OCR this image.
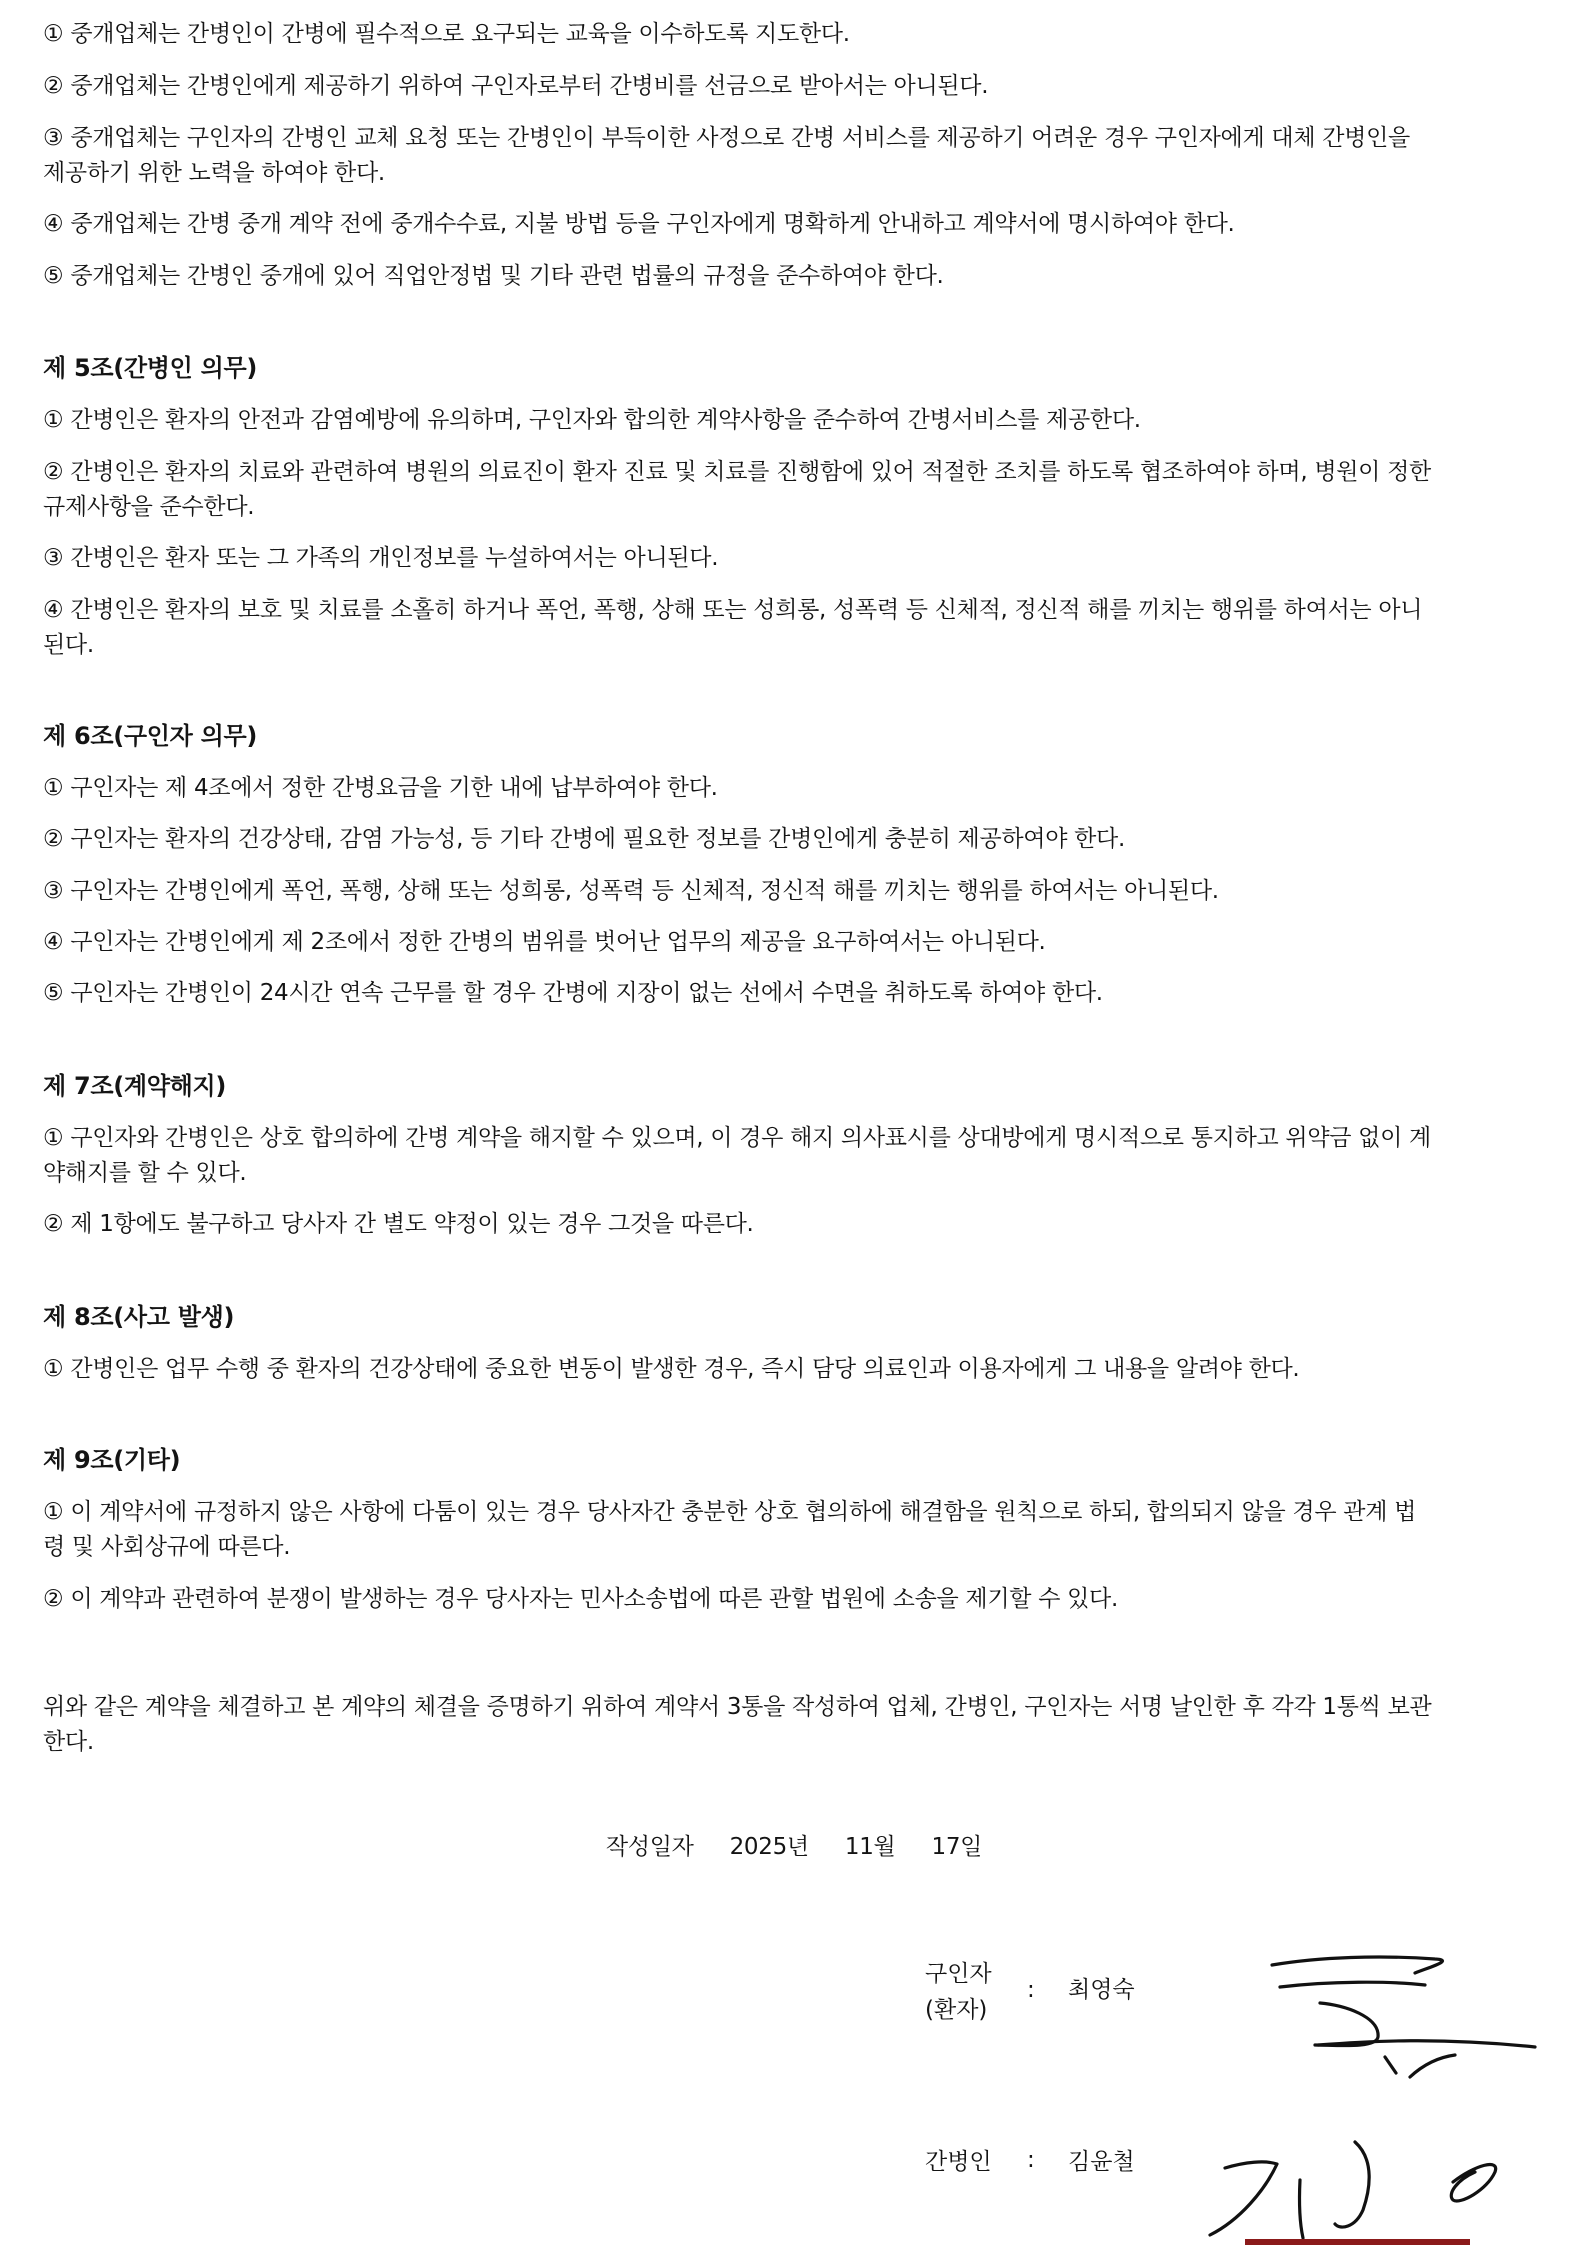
① 중개업체는 간병인이 간병에 필수적으로 요구되는 교육을 이수하도록 지도한다.

② 중개업체는 간병인에게 제공하기 위하여 구인자로부터 간병비를 선금으로 받아서는 아니된다.

③ 중개업체는 구인자의 간병인 교체 요청 또는 간병인이 부득이한 사정으로 간병 서비스를 제공하기 어려운 경우 구인자에게 대체 간병인을

제공하기 위한 노력을 하여야 한다.

④ 중개업체는 간병 중개 계약 전에 중개수수료, 지불 방법 등을 구인자에게 명확하게 안내하고 계약서에 명시하여야 한다.

⑤ 중개업체는 간병인 중개에 있어 직업안정법 및 기타 관련 법률의 규정을 준수하여야 한다.

제 5조(간병인 의무)

① 간병인은 환자의 안전과 감염예방에 유의하며, 구인자와 합의한 계약사항을 준수하여 간병서비스를 제공한다.

② 간병인은 환자의 치료와 관련하여 병원의 의료진이 환자 진료 및 치료를 진행함에 있어 적절한 조치를 하도록 협조하여야 하며, 병원이 정한

규제사항을 준수한다.

③ 간병인은 환자 또는 그 가족의 개인정보를 누설하여서는 아니된다.

④ 간병인은 환자의 보호 및 치료를 소홀히 하거나 폭언, 폭행, 상해 또는 성희롱, 성폭력 등 신체적, 정신적 해를 끼치는 행위를 하여서는 아니

된다.

제 6조(구인자 의무)

① 구인자는 제 4조에서 정한 간병요금을 기한 내에 납부하여야 한다.

② 구인자는 환자의 건강상태, 감염 가능성, 등 기타 간병에 필요한 정보를 간병인에게 충분히 제공하여야 한다.

③ 구인자는 간병인에게 폭언, 폭행, 상해 또는 성희롱, 성폭력 등 신체적, 정신적 해를 끼치는 행위를 하여서는 아니된다.

④ 구인자는 간병인에게 제 2조에서 정한 간병의 범위를 벗어난 업무의 제공을 요구하여서는 아니된다.

⑤ 구인자는 간병인이 24시간 연속 근무를 할 경우 간병에 지장이 없는 선에서 수면을 취하도록 하여야 한다.

제 7조(계약해지)

① 구인자와 간병인은 상호 합의하에 간병 계약을 해지할 수 있으며, 이 경우 해지 의사표시를 상대방에게 명시적으로 통지하고 위약금 없이 계

약해지를 할 수 있다.

② 제 1항에도 불구하고 당사자 간 별도 약정이 있는 경우 그것을 따른다.

제 8조(사고 발생)

① 간병인은 업무 수행 중 환자의 건강상태에 중요한 변동이 발생한 경우, 즉시 담당 의료인과 이용자에게 그 내용을 알려야 한다.

제 9조(기타)

① 이 계약서에 규정하지 않은 사항에 다툼이 있는 경우 당사자간 충분한 상호 협의하에 해결함을 원칙으로 하되, 합의되지 않을 경우 관계 법

령 및 사회상규에 따른다.

② 이 계약과 관련하여 분쟁이 발생하는 경우 당사자는 민사소송법에 따른 관할 법원에 소송을 제기할 수 있다.

위와 같은 계약을 체결하고 본 계약의 체결을 증명하기 위하여 계약서 3통을 작성하여 업체, 간병인, 구인자는 서명 날인한 후 각각 1통씩 보관

한다.

작성일자 2025년 11월 17일
구인자
(환자)
: 최영숙
간병인 : 김윤철
